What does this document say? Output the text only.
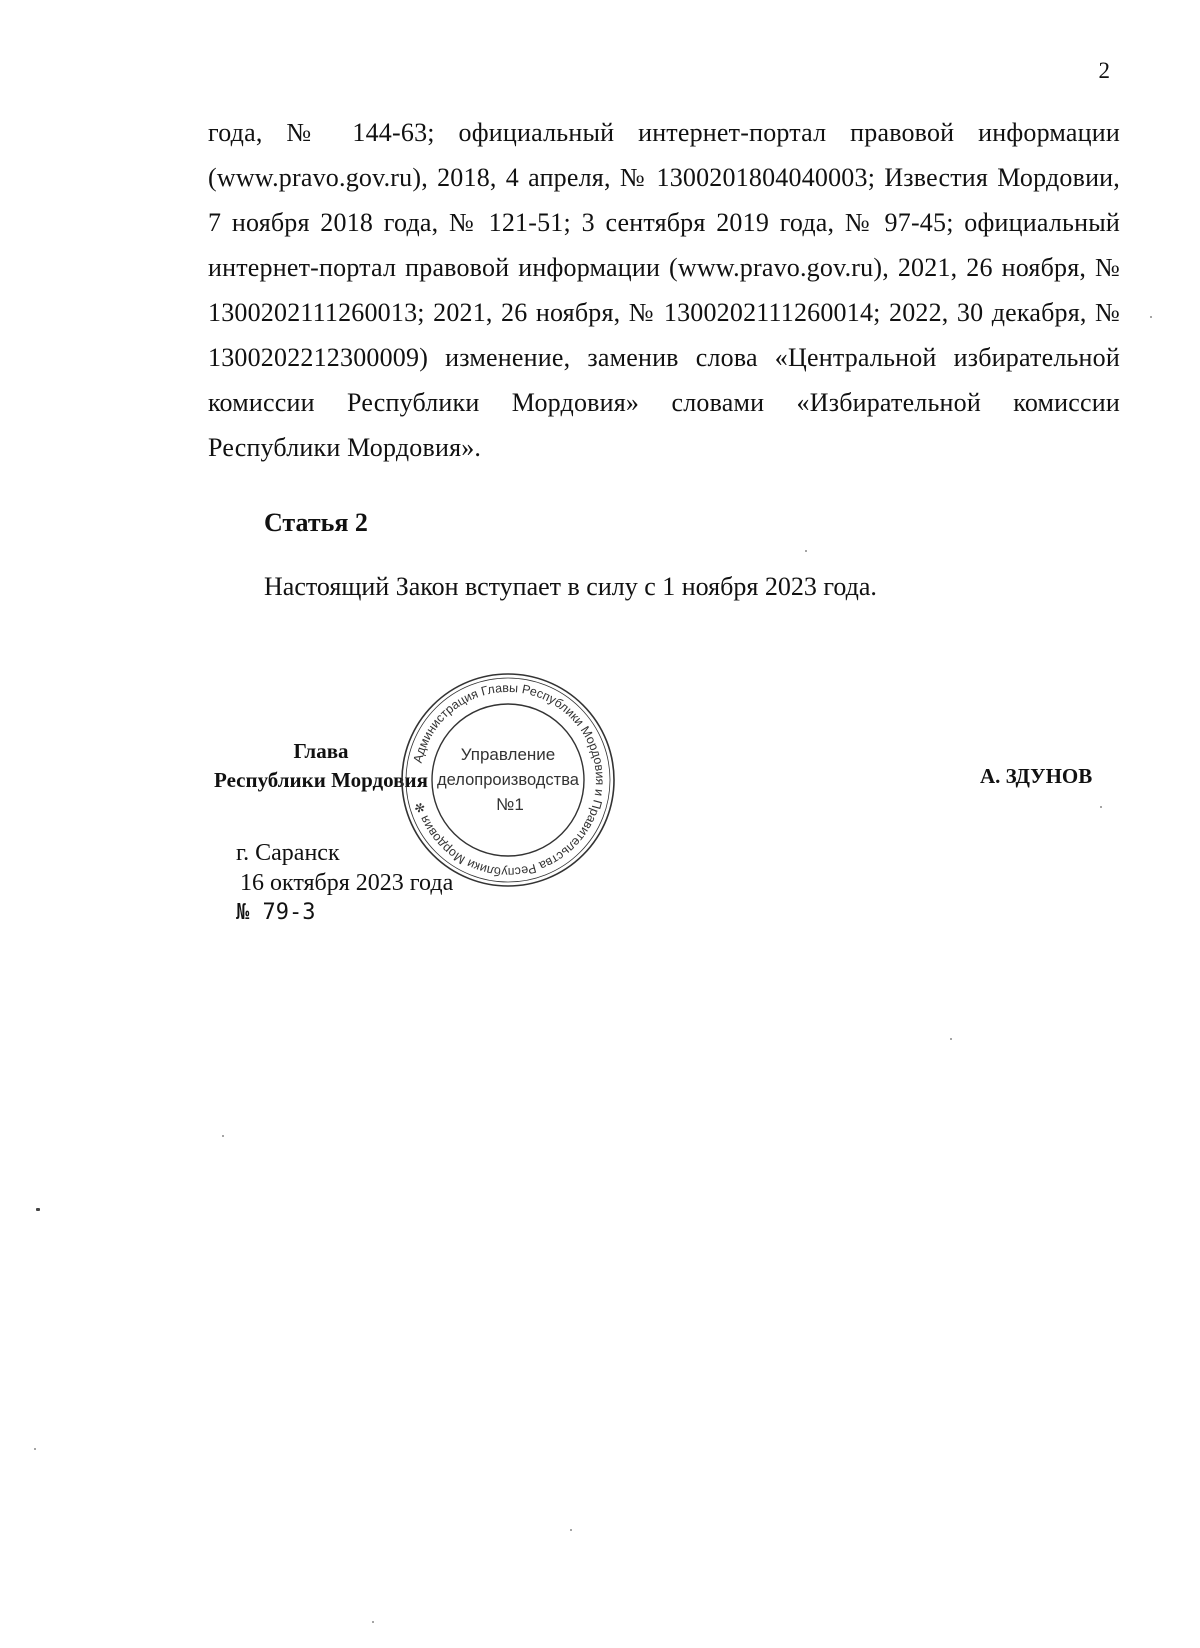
2

года, № 144-63; официальный интернет-портал правовой информации (www.pravo.gov.ru), 2018, 4 апреля, № 1300201804040003; Известия Мордовии, 7 ноября 2018 года, № 121-51; 3 сентября 2019 года, № 97-45; официальный интернет-портал правовой информации (www.pravo.gov.ru), 2021, 26 ноября, № 1300202111260013; 2021, 26 ноября, № 1300202111260014; 2022, 30 декабря, № 1300202212300009) изменение, заменив слова «Центральной избирательной комиссии Республики Мордовия» словами «Избирательной комиссии Республики Мордовия».

Статья 2
Настоящий Закон вступает в силу с 1 ноября 2023 года.
Глава
Республики Мордовия	А. ЗДУНОВ
Администрация Главы Республики Мордовия и Правительства Республики Мордовия ✻
Управление
делопроизводства
№1
г. Саранск
16 октября 2023 года
№ 79-З
